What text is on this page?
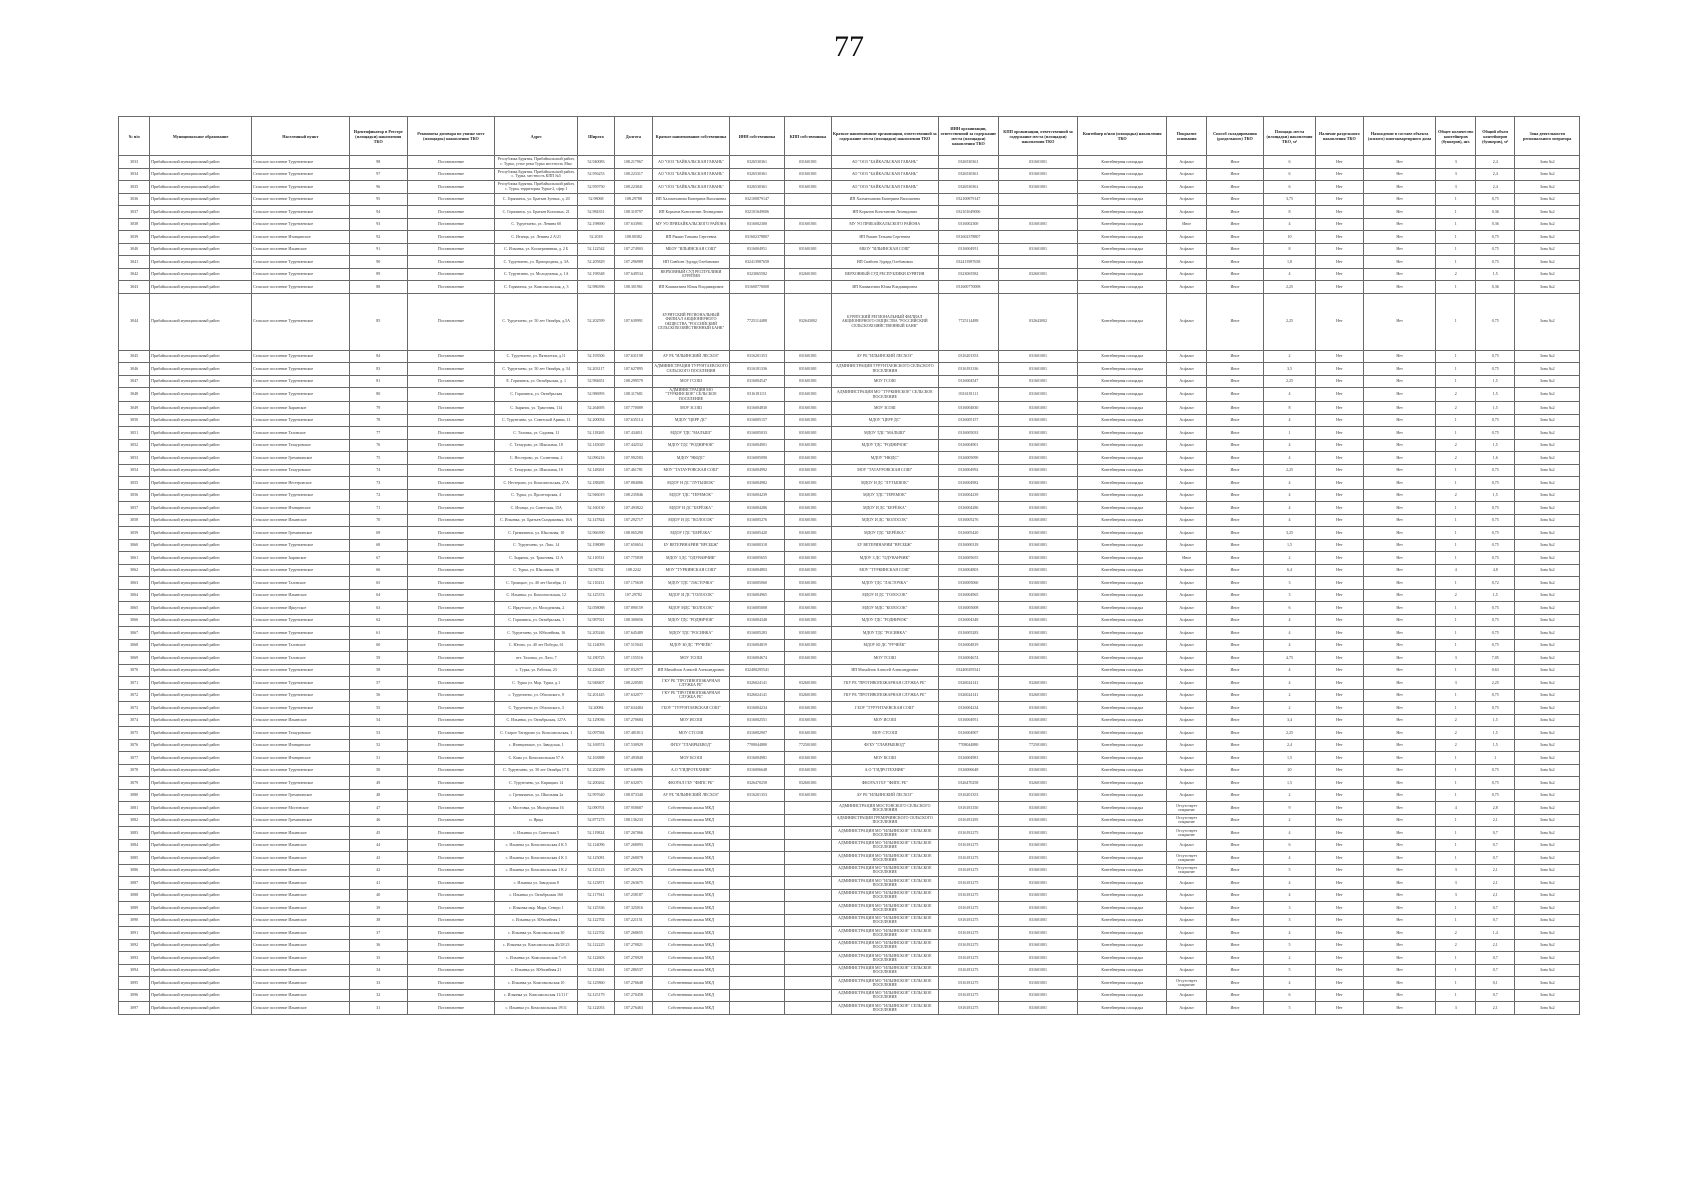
77
№ п/п	Муниципальное образование	Населенный пункт	Идентификатор в Реестре (площадки) накопления ТКО	Реквизиты договора по увязке мест (площадок) накопления ТКО	Адрес	Широта	Долгота	Краткое наименование собственника	ИНН собственника	КПП собственника	Краткое наименование организации, ответственной за содержание места (площадки) накопления ТКО	ИНН организации, ответственной за содержание места (площадки) накопления ТКО	КПП организации, ответственной за содержание места (площадки) накопления ТКО	Контейнер и/или (площадка) накопления ТКО	Покрытие основания	Способ складирования (раздельного) ТКО	Площадь места (площадки) накопления ТКО, м²	Наличие раздельного накопления ТКО	Нахождение в составе объекта (жилого) многоквартирного дома	Общее количество контейнеров (бункеров), шт.	Общий объем контейнеров (бункеров), м³	Зона деятельности регионального оператора
3033	Прибайкальский муниципальный район	Сельское поселение Турунтаевское	98	Постановление	Республика Бурятия, Прибайкальский район, с. Турка, устье реки Турка местность Мыс	52.940083	108.217967	АО "ООЗ "БАЙКАЛЬСКАЯ ГАВАНЬ"	0326530361	031601001	АО "ООЗ "БАЙКАЛЬСКАЯ ГАВАНЬ"	0326530361	031601001	Контейнерная площадка	Асфальт	Иное	6	Нет	Нет	3	2,4	Зона №2
3034	Прибайкальский муниципальный район	Сельское поселение Турунтаевское	97	Постановление	Республика Бурятия, Прибайкальский район, с. Турка, местность КПП №5	52.956253	108.223317	АО "ООЗ "БАЙКАЛЬСКАЯ ГАВАНЬ"	0326530361	031601001	АО "ООЗ "БАЙКАЛЬСКАЯ ГАВАНЬ"	0326530361	031601001	Контейнерная площадка	Асфальт	Иное	6	Нет	Нет	3	2,4	Зона №2
3035	Прибайкальский муниципальный район	Сельское поселение Турунтаевское	96	Постановление	Республика Бурятия, Прибайкальский район, с. Турка, территория Турка-2, сфер 1	52.959750	108.223841	АО "ООЗ "БАЙКАЛЬСКАЯ ГАВАНЬ"	0326530361	031601001	АО "ООЗ "БАЙКАЛЬСКАЯ ГАВАНЬ"	0326530361	031601001	Контейнерная площадка	Асфальт	Иное	6	Нет	Нет	3	2,4	Зона №2
3036	Прибайкальский муниципальный район	Сельское поселение Турунтаевское	95	Постановление	С. Горячинск, ул. Братьев Зуевых, д. 20	52.98068	108.29788	ИП Халматханова Екатерина Васильевна	032100879147		ИП Халматханова Екатерина Васильевна	032100879147		Контейнерная площадка	Асфальт	Иное	3,75	Нет	Нет	1	0,75	Зона №2
3037	Прибайкальский муниципальный район	Сельское поселение Турунтаевское	94	Постановление	С. Горячинск, ул. Братьев Козловых, 21	52.984351	108.310797	ИП Корытов Константин Леонидович	032101649006		ИП Корытов Константин Леонидович	032101649006		Контейнерная площадка	Асфальт	Иное	8	Нет	Нет	1	0,36	Зона №2
3038	Прибайкальский муниципальный район	Сельское поселение Турунтаевское	93	Постановление	С. Турунтаево, ул. Ленина 60	52.198690	107.633901	МУ УО ПРИБАЙКАЛЬСКОГО РАЙОНА	0316002300	031601001	МУ УО ПРИБАЙКАЛЬСКОГО РАЙОНА	0316002300	031601001	Контейнерная площадка	Иное	Иное	4	Нет	Нет	1	0,36	Зона №2
3039	Прибайкальский муниципальный район	Сельское поселение Итанцинское	92	Постановление	С. Итанца, ул. Ленина 2 А/21	52.2018	108.00382	ИП Рыкин Татьяна Сергеевна	031602378807		ИП Рыкин Татьяна Сергеевна	031602378807		Контейнерная площадка	Асфальт	Иное	10	Нет	Нет	1	0,75	Зона №2
3040	Прибайкальский муниципальный район	Сельское поселение Ильинское	91	Постановление	С. Ильинка, ул. Кооперативная, д. 2 Б	52.122542	107.274903	МБОУ "ИЛЬИНСКАЯ СОШ"	0316004951	031601001	МБОУ "ИЛЬИНСКАЯ СОШ"	0316004951	031601001	Контейнерная площадка	Асфальт	Иное	8	Нет	Нет	1	0,75	Зона №2
3041	Прибайкальский муниципальный район	Сельское поселение Турунтаевское	90	Постановление	С. Турунтаево, ул. Пригородная, д. 3А	52.205829	107.296989	ИП Сивбоев Эдуард Олебавович	032413987658		ИП Сивбоев Эдуард Олебавович	032413987658		Контейнерная площадка	Асфальт	Иное	1,8	Нет	Нет	1	0,75	Зона №2
3042	Прибайкальский муниципальный район	Сельское поселение Турунтаевское	89	Постановление	С. Турунтаево, ул. Молодежная, д. 1А	52.198348	107.649534	ВЕРХОВНЫЙ СУД РЕСПУБЛИКИ БУРЯТИЯ	0323065582	032601001	ВЕРХОВНЫЙ СУД РЕСПУБЛИКИ БУРЯТИЯ	0323065582	032601001	Контейнерная площадка	Асфальт	Иное	4	Нет	Нет	2	1,5	Зона №2
3043	Прибайкальский муниципальный район	Сельское поселение Турунтаевское	88	Постановление	С. Горячинск, ул. Комсомольская, д. 3	52.986396	108.301961	ИП Кашвахтина Юлия Владимировна	031600770008		ИП Кашвахтина Юлия Владимировна	031600770008		Контейнерная площадка	Асфальт	Иное	2,25	Нет	Нет	1	0,36	Зона №2
3044	Прибайкальский муниципальный район	Сельское поселение Турунтаевское	85	Постановление	С. Турунтаево, ул. 50 лет Октября, д.5А	52.202599	107.639991	БУРЯТСКИЙ РЕГИОНАЛЬНЫЙ ФИЛИАЛ АКЦИОНЕРНОГО ОБЩЕСТВА "РОССИЙСКИЙ СЕЛЬСКОХОЗЯЙСТВЕННЫЙ БАНК"	7725114488	032643002	БУРЯТСКИЙ РЕГИОНАЛЬНЫЙ ФИЛИАЛ АКЦИОНЕРНОГО ОБЩЕСТВА "РОССИЙСКИЙ СЕЛЬСКОХОЗЯЙСТВЕННЫЙ БАНК"	7725114488	032643002	Контейнерная площадка	Асфальт	Иное	2,25	Нет	Нет	1	0,75	Зона №2
3045	Прибайкальский муниципальный район	Сельское поселение Турунтаевское	84	Постановление	С. Турунтаево, ул. Пятилетки, д.11	52.193506	107.631198	АУ РБ "ИЛЬИНСКИЙ ЛЕСХОЗ"	0316201353	031601001	АУ РБ "ИЛЬИНСКИЙ ЛЕСХОЗ"	0316201353	031601001	Контейнерная площадка	Асфальт	Иное	2	Нет	Нет	1	0,75	Зона №2
3046	Прибайкальский муниципальный район	Сельское поселение Турунтаевское	83	Постановление	С. Турунтаево, ул. 50 лет Октября, д. 54	52.203117	107.627895	АДМИНИСТРАЦИЯ ТУРУНТАЕВСКОГО СЕЛЬСКОГО ПОСЕЛЕНИЯ	0316181336	031601001	АДМИНИСТРАЦИЯ ТУРУНТАЕВСКОГО СЕЛЬСКОГО ПОСЕЛЕНИЯ	0316181336	031601001	Контейнерная площадка	Асфальт	Иное	3,5	Нет	Нет	1	0,75	Зона №2
3047	Прибайкальский муниципальный район	Сельское поселение Турунтаевское	81	Постановление	Е. Горячинск, ул. Октябрьская, д. 1	52.984651	108.299579	МОУ ГСОШ	0316004547	031601001	МОУ ГСОШ	0316004547	031601001	Контейнерная площадка	Асфальт	Иное	2,25	Нет	Нет	1	1,5	Зона №2
3048	Прибайкальский муниципальный район	Сельское поселение Турунтаевское	80	Постановление	С. Горячинск, ул. Октябрьская	52.986993	108.317681	АДМИНИСТРАЦИЯ МО "ТУРКИНСКОЕ" СЕЛЬСКОЕ ПОСЕЛЕНИЕ	0316181111	031601001	АДМИНИСТРАЦИЯ МО "ТУРКИНСКОЕ" СЕЛЬСКОЕ ПОСЕЛЕНИЕ	0316181111	031601001	Контейнерная площадка	Асфальт	Иное	4	Нет	Нет	2	1,5	Зона №2
3049	Прибайкальский муниципальный район	Сельское поселение Зырянское	79	Постановление	С. Зырянск, ул. Трактовая, 114	52.264695	107.770089	МОУ ЗСОШ	0316004830	031601001	МОУ ЗСОШ	0316004830	031601001	Контейнерная площадка	Асфальт	Иное	8	Нет	Нет	2	1,5	Зона №2
3050	Прибайкальский муниципальный район	Сельское поселение Турунтаевское	78	Постановление	С. Турунтаево, ул. Советской Армии, 11	52.200054	107.635114	МДОУ "ЦЕРР ДС"	0316005157	031601001	МДОУ "ЦЕРР ДС"	0316005157	031601001	Контейнерная площадка	Асфальт	Иное	4	Нет	Нет	1	0,75	Зона №2
3051	Прибайкальский муниципальный район	Сельское поселение Таловское	77	Постановление	С. Таловка, ул. Садовая, 11	52.118265	107.434011	МДОУ ТДС "МАЛЫШ"	0316005033	031601001	МДОУ ТДС "МАЛЫШ"	0316005033	031601001	Контейнерная площадка	Асфальт	Иное	1	Нет	Нет	1	0,75	Зона №2
3052	Прибайкальский муниципальный район	Сельское поселение Татауровское	76	Постановление	С. Татаурово, ул. Школьная, 18	52.145029	107.442532	МДОУ ТДС "РОДНИЧОК"	0316004901	031601001	МДОУ ТДС "РОДНИЧОК"	0316004901	031601001	Контейнерная площадка	Асфальт	Иное	4	Нет	Нет	2	1,5	Зона №2
3053	Прибайкальский муниципальный район	Сельское поселение Гремячинское	75	Постановление	С. Нестерово, ул. Солнечная, 2	52.096216	107.992583	МДОУ "НЮДС"	0316005090	031601001	МДОУ "НЮДС"	0316005090	031601001	Контейнерная площадка	Асфальт	Иное	4	Нет	Нет	2	1,6	Зона №2
3054	Прибайкальский муниципальный район	Сельское поселение Татауровское	74	Постановление	С. Татаурово, ул. Школьная, 10	52.148261	107.461781	МОУ "ТАТАУРОВСКАЯ СОШ"	0316004992	031601001	МОУ "ТАТАУРОВСКАЯ СОШ"	0316004992	031601001	Контейнерная площадка	Асфальт	Иное	2,25	Нет	Нет	1	0,75	Зона №2
3055	Прибайкальский муниципальный район	Сельское поселение Нестеровское	73	Постановление	С. Нестерово, ул. Комсомольская, 27А	52.188285	107.884086	МДОУ Н ДС "ЛУТЫШОК"	0316004982	031601001	МДОУ Н ДС "ЛУТЫШОК"	0316004982	031601001	Контейнерная площадка	Асфальт	Иное	4	Нет	Нет	1	0,75	Зона №2
3056	Прибайкальский муниципальный район	Сельское поселение Турунтаевское	72	Постановление	С. Турка, ул. Пролетарская, 4	52.946019	108.235846	МДОУ ТДС "ТЕРЕМОК"	0316004239	031601001	МДОУ ТДС "ТЕРЕМОК"	0316004239	031601001	Контейнерная площадка	Асфальт	Иное	4	Нет	Нет	2	1,5	Зона №2
3057	Прибайкальский муниципальный район	Сельское поселение Итанцинское	71	Постановление	С. Итанца, ул. Советская, 15А	52.160130	107.493822	МДОУ И ДС "БЕРЁЗКА"	0316004286	031601001	МДОУ И ДС "БЕРЁЗКА"	0316004286	031601001	Контейнерная площадка	Асфальт	Иное	4	Нет	Нет	1	0,75	Зона №2
3058	Прибайкальский муниципальный район	Сельское поселение Ильинское	70	Постановление	С. Ильинка, ул. Братьев Сыздыковых, 16А	52.147824	107.292717	МДОУ И ДС "КОЛОСОК"	0316005276	031601001	МДОУ И ДС "КОЛОСОК"	0316005276	031601001	Контейнерная площадка	Асфальт	Иное	4	Нет	Нет	1	0,75	Зона №2
3059	Прибайкальский муниципальный район	Сельское поселение Гремячинское	69	Постановление	С. Гремячинск, ул. Школьная, 10	52.966390	108.065290	МДОУ ГДС "БЕРЁЗКА"	0316005420	031601001	МДОУ ГДС "БЕРЁЗКА"	0316005420	031601001	Контейнерная площадка	Асфальт	Иное	3,25	Нет	Нет	1	0,75	Зона №2
3060	Прибайкальский муниципальный район	Сельское поселение Турунтаевское	68	Постановление	С. Турунтаево, ул. Лазо, 14	52.198089	107.650654	БУ ВЕТЕРИНАРИИ "ВРСББЖ"	0316000318	031601001	БУ ВЕТЕРИНАРИИ "ВРСББЖ"	0316000318	031601001	Контейнерная площадка	Асфальт	Иное	1,5	Нет	Нет	1	0,75	Зона №2
3061	Прибайкальский муниципальный район	Сельское поселение Зырянское	67	Постановление	С. Зырянск, ул. Трактовая, 12 А	52.110531	107.775839	МДОУ З ДС "ОДУВАНЧИК"	0316005655	031601001	МДОУ З ДС "ОДУВАНЧИК"	0316005655	031601001	Контейнерная площадка	Иное	Иное	2	Нет	Нет	1	0,75	Зона №2
3062	Прибайкальский муниципальный район	Сельское поселение Турунтаевское	66	Постановление	С. Турка, ул. Школьная, 18	52.94762	108.2242	МОУ "ТУРКИНСКАЯ СОШ"	0316004803	031601001	МОУ "ТУРКИНСКАЯ СОШ"	0316004803	031601001	Контейнерная площадка	Асфальт	Иное	6,4	Нет	Нет	4	4,8	Зона №2
3063	Прибайкальский муниципальный район	Сельское поселение Таловское	65	Постановление	С. Троицкое, ул. 40 лет Октября, 11	52.110231	107.175639	МДОУ ТДС "ЛАСТОЧКА"	0316005060	031601001	МДОУ ТДС "ЛАСТОЧКА"	0316005060	031601001	Контейнерная площадка	Асфальт	Иное	3	Нет	Нет	1	0,72	Зона №2
3064	Прибайкальский муниципальный район	Сельское поселение Ильинское	64	Постановление	С. Ильинка, ул. Комсомольская, 12	52.125374	107.29782	МДОУ И ДС "ГОЛОСОК"	0316004965	031601001	МДОУ И ДС "ГОЛОСОК"	0316004965	031601001	Контейнерная площадка	Асфальт	Иное	3	Нет	Нет	2	1,5	Зона №2
3065	Прибайкальский муниципальный район	Сельское поселение Иркутское	63	Постановление	С. Иркутское, ул. Молодежная, 2	52.058088	107.890159	МДОУ МДС "КОЛОСОК"	0316005008	031601001	МДОУ МДС "КОЛОСОК"	0316005008	031601001	Контейнерная площадка	Асфальт	Иное	6	Нет	Нет	1	0,75	Зона №2
3066	Прибайкальский муниципальный район	Сельское поселение Турунтаевское	62	Постановление	С. Горячинск, ул. Октябрьская, 1	52.987921	108.300656	МДОУ ГДС "РОДНИЧОК"	0316004348	031601001	МДОУ ГДС "РОДНИЧОК"	0316004348	031601001	Контейнерная площадка	Асфальт	Иное	4	Нет	Нет	1	0,75	Зона №2
3067	Прибайкальский муниципальный район	Сельское поселение Турунтаевское	61	Постановление	С. Турунтаево, ул. Юбилейная, 16	52.205246	107.645489	МДОУ ТДС "РОСИНКА"	0316005283	031601001	МДОУ ТДС "РОСИНКА"	0316005283	031601001	Контейнерная площадка	Асфальт	Иное	4	Нет	Нет	1	0,75	Зона №2
3068	Прибайкальский муниципальный район	Сельское поселение Таловское	60	Постановление	С. Югово, ул. 40 лет Победы, 61	52.124093	107.515043	МДОУ Ю ДС "РУЧЕЁК"	0316004819	031601001	МДОУ Ю ДС "РУЧЕЁК"	0316004819	031601001	Контейнерная площадка	Асфальт	Иное	4	Нет	Нет	1	0,75	Зона №2
3069	Прибайкальский муниципальный район	Сельское поселение Таловское	59	Постановление	пгт. Таловка, ул. Лазо, 7	52.180725	107.155516	МОУ ТСОШ	0316004674	031601001	МОУ ТСОШ	0316004674	031601001	Контейнерная площадка	Асфальт	Иное	4,75	Нет	Нет	3	7,05	Зона №2
3070	Прибайкальский муниципальный район	Сельское поселение Турунтаевское	58	Постановление	с. Турка, ул. Рабочая, 23	52.226445	107.832977	ИП Михайлов Алексей Александрович	032400295541		ИП Михайлов Алексей Александрович	032400295541		Контейнерная площадка	Асфальт	Иное	4	Нет	Нет	1	0,63	Зона №2
3071	Прибайкальский муниципальный район	Сельское поселение Турунтаевское	57	Постановление	С. Турка ул. Мор. Турка, д.1	52.948407	108.220585	ГКУ РБ "ПРОТИВОПОЖАРНАЯ СЛУЖБА РБ"	0326024141	032601001	ГКУ РБ "ПРОТИВОПОЖАРНАЯ СЛУЖБА РБ"	0326024141	032601001	Контейнерная площадка	Асфальт	Иное	4	Нет	Нет	3	2,25	Зона №2
3072	Прибайкальский муниципальный район	Сельское поселение Турунтаевское	56	Постановление	с. Турунтаево, ул. Обломского, 8	52.201445	107.632077	ГКУ РБ "ПРОТИВОПОЖАРНАЯ СЛУЖБА РБ"	0326024141	032601001	ГКУ РБ "ПРОТИВОПОЖАРНАЯ СЛУЖБА РБ"	0326024141	032601001	Контейнерная площадка	Асфальт	Иное	2	Нет	Нет	1	0,75	Зона №2
3073	Прибайкальский муниципальный район	Сельское поселение Турунтаевское	55	Постановление	С. Турунтаево ул. Обломского, 3	52.20084	107.634484	ГБОУ "ТУРУНТАЕВСКАЯ СОШ"	0316004234	031601001	ГБОУ "ТУРУНТАЕВСКАЯ СОШ"	0316004234	031601001	Контейнерная площадка	Асфальт	Иное	2	Нет	Нет	1	0,75	Зона №2
3074	Прибайкальский муниципальный район	Сельское поселение Ильинское	54	Постановление	С. Ильинка, ул. Октябрьская, 127А	52.129036	107.270684	МОУ ИСОШ	0316002551	031601001	МОУ ИСОШ	0316004951	031601001	Контейнерная площадка	Асфальт	Иное	3,4	Нет	Нет	2	1,5	Зона №2
3075	Прибайкальский муниципальный район	Сельское поселение Татауровское	53	Постановление	С. Старое Татаурово ул. Комсомольская, 1	52.097584	107.481813	МОУ СТСОШ	0316002907	031601001	МОУ СТСОШ	0316004907	031601001	Контейнерная площадка	Асфальт	Иное	2,25	Нет	Нет	2	1,5	Зона №2
3076	Прибайкальский муниципальный район	Сельское поселение Итанцинское	52	Постановление	с. Итанцинское, ул. Заводская, 1	52.169574	107.530929	ФГБУ "ГЛАВРЫБВОД"	7708044880	772501001	ФГБУ "ГЛАВРЫБВОД"	7708044880	772501001	Контейнерная площадка	Асфальт	Иное	2,4	Нет	Нет	2	1,5	Зона №2
3077	Прибайкальский муниципальный район	Сельское поселение Итанцинское	51	Постановление	С. Кома ул. Комсомольская 57 А	52.163888	107.493840	МОУ КСОШ	0316004981	031601001	МОУ КСОШ	0316004981	031601001	Контейнерная площадка	Асфальт	Иное	1,5	Нет	Нет	1	1	Зона №2
3078	Прибайкальский муниципальный район	Сельское поселение Турунтаевское	50	Постановление	С. Турунтаево, ул. 50 лет Октября 17 Б	52.202299	107.646986	А.О "ГИДРОТЕХНИК"	0316006648	031601001	А.О "ГИДРОТЕХНИК"	0316006648	031601001	Контейнерная площадка	Асфальт	Иное	20	Нет	Нет	1	0,75	Зона №2
3079	Прибайкальский муниципальный район	Сельское поселение Турунтаевское	49	Постановление	С. Турунтаево, ул. Кирицких 14	52.200262	107.632071	ФКОУАЛ ГБУ "ФИПС РБ"	0326470258	032601001	ФКОУАЛ ГБУ "ФИПС РБ"	0326470258	032601001	Контейнерная площадка	Асфальт	Иное	1,5	Нет	Нет	1	0,75	Зона №2
3080	Прибайкальский муниципальный район	Сельское поселение Гремячинское	48	Постановление	с. Гремячинск, ул. Школьная 2а	52.997640	108.073340	АУ РБ "ИЛЬИНСКИЙ ЛЕСХОЗ"	0316201353	031601001	АУ РБ "ИЛЬИНСКИЙ ЛЕСХОЗ"	0316201353	031601001	Контейнерная площадка	Асфальт	Иное	2	Нет	Нет	1	0,75	Зона №2
3081	Прибайкальский муниципальный район	Сельское поселение Мостовское	47	Постановление	с. Мостовка, ул. Молодёжная 16	52.090701	107.950687	Собственники жилья МКД			АДМИНИСТРАЦИЯ МОСТОВСКОГО СЕЛЬСКОГО ПОСЕЛЕНИЯ	0316181350	031601001	Контейнерная площадка	Отсутствует покрытие	Иное	9	Нет	Нет	4	2,8	Зона №2
3082	Прибайкальский муниципальный район	Сельское поселение Гремячинское	46	Постановление	п. Ярцы	52.877273	108.136233	Собственники жилья МКД			АДМИНИСТРАЦИЯ ГРЕМЯЧИНСКОГО СЕЛЬСКОГО ПОСЕЛЕНИЯ	0316181295	031601001	Контейнерная площадка	Отсутствует покрытие	Иное	2	Нет	Нет	1	2,1	Зона №2
3083	Прибайкальский муниципальный район	Сельское поселение Ильинское	45	Постановление	с. Ильинка ул. Советская 5	52.119824	107.267066	Собственники жилья МКД			АДМИНИСТРАЦИЯ МО "ИЛЬИНСКОЕ" СЕЛЬСКОЕ ПОСЕЛЕНИЕ	0316181275	031601001	Контейнерная площадка	Отсутствует покрытие	Иное	4	Нет	Нет	1	0,7	Зона №2
3084	Прибайкальский муниципальный район	Сельское поселение Ильинское	44	Постановление	с. Ильинка ул. Комсомольская 4 К 5	52.124096	107.268093	Собственники жилья МКД			АДМИНИСТРАЦИЯ МО "ИЛЬИНСКОЕ" СЕЛЬСКОЕ ПОСЕЛЕНИЕ	0316181275	031601001	Контейнерная площадка	Асфальт	Иное	6	Нет	Нет	1	0,7	Зона №2
3085	Прибайкальский муниципальный район	Сельское поселение Ильинское	43	Постановление	с. Ильинка ул. Комсомольская 4 К 3	52.125081	107.268078	Собственники жилья МКД			АДМИНИСТРАЦИЯ МО "ИЛЬИНСКОЕ" СЕЛЬСКОЕ ПОСЕЛЕНИЕ	0316181275	031601001	Контейнерная площадка	Отсутствует покрытие	Иное	4	Нет	Нет	1	0,7	Зона №2
3086	Прибайкальский муниципальный район	Сельское поселение Ильинское	42	Постановление	с. Ильинка ул. Комсомольская 1 К 2	52.125123	107.265276	Собственники жилья МКД			АДМИНИСТРАЦИЯ МО "ИЛЬИНСКОЕ" СЕЛЬСКОЕ ПОСЕЛЕНИЕ	0316181275	031601001	Контейнерная площадка	Отсутствует покрытие	Иное	5	Нет	Нет	3	2,1	Зона №2
3087	Прибайкальский муниципальный район	Сельское поселение Ильинское	41	Постановление	с. Ильинка ул. Заводская 8	52.123871	107.263675	Собственники жилья МКД			АДМИНИСТРАЦИЯ МО "ИЛЬИНСКОЕ" СЕЛЬСКОЕ ПОСЕЛЕНИЕ	0316181275	031601001	Контейнерная площадка	Асфальт	Иное	4	Нет	Нет	3	2,1	Зона №2
3088	Прибайкальский муниципальный район	Сельское поселение Ильинское	40	Постановление	с. Ильинка ул. Октябрьская 16б	52.117941	107.258187	Собственники жилья МКД			АДМИНИСТРАЦИЯ МО "ИЛЬИНСКОЕ" СЕЛЬСКОЕ ПОСЕЛЕНИЕ	0316181275	031601001	Контейнерная площадка	Асфальт	Иное	4	Нет	Нет	3	2,1	Зона №2
3089	Прибайкальский муниципальный район	Сельское поселение Ильинское	39	Постановление	с. Ильинка мкр. Мира, Северо 1	52.125336	107.325016	Собственники жилья МКД			АДМИНИСТРАЦИЯ МО "ИЛЬИНСКОЕ" СЕЛЬСКОЕ ПОСЕЛЕНИЕ	0316181275	031601001	Контейнерная площадка	Асфальт	Иное	3	Нет	Нет	1	0,7	Зона №2
3090	Прибайкальский муниципальный район	Сельское поселение Ильинское	38	Постановление	с. Ильинка ул. Юбилейная 1	52.122702	107.221151	Собственники жилья МКД			АДМИНИСТРАЦИЯ МО "ИЛЬИНСКОЕ" СЕЛЬСКОЕ ПОСЕЛЕНИЕ	0316181275	031601001	Контейнерная площадка	Асфальт	Иное	3	Нет	Нет	1	0,7	Зона №2
3091	Прибайкальский муниципальный район	Сельское поселение Ильинское	37	Постановление	с. Ильинка ул. Комсомольская 30	52.122702	107.268655	Собственники жилья МКД			АДМИНИСТРАЦИЯ МО "ИЛЬИНСКОЕ" СЕЛЬСКОЕ ПОСЕЛЕНИЕ	0316181275	031601001	Контейнерная площадка	Асфальт	Иное	4	Нет	Нет	2	1,4	Зона №2
3092	Прибайкальский муниципальный район	Сельское поселение Ильинское	36	Постановление	с. Ильинка ул. Комсомольская 26/28 23	52.122225	107.270821	Собственники жилья МКД			АДМИНИСТРАЦИЯ МО "ИЛЬИНСКОЕ" СЕЛЬСКОЕ ПОСЕЛЕНИЕ	0316181275	031601001	Контейнерная площадка	Асфальт	Иное	5	Нет	Нет	2	2,1	Зона №2
3093	Прибайкальский муниципальный район	Сельское поселение Ильинское	35	Постановление	с. Ильинка ул. Комсомольская 7 г/б	52.122603	107.270929	Собственники жилья МКД			АДМИНИСТРАЦИЯ МО "ИЛЬИНСКОЕ" СЕЛЬСКОЕ ПОСЕЛЕНИЕ	0316181275	031601001	Контейнерная площадка	Асфальт	Иное	2	Нет	Нет	1	0,7	Зона №2
3094	Прибайкальский муниципальный район	Сельское поселение Ильинское	34	Постановление	с. Ильинка ул. Юбилейная 21	52.123461	107.286537	Собственники жилья МКД			АДМИНИСТРАЦИЯ МО "ИЛЬИНСКОЕ" СЕЛЬСКОЕ ПОСЕЛЕНИЕ	0316181275	031601001	Контейнерная площадка	Асфальт	Иное	5	Нет	Нет	1	0,7	Зона №2
3095	Прибайкальский муниципальный район	Сельское поселение Ильинское	33	Постановление	с. Ильинка ул. Комсомольская 10	52.125860	107.276648	Собственники жилья МКД			АДМИНИСТРАЦИЯ МО "ИЛЬИНСКОЕ" СЕЛЬСКОЕ ПОСЕЛЕНИЕ	0316181275	031601001	Контейнерная площадка	Отсутствует покрытие	Иное	4	Нет	Нет	1	0,1	Зона №2
3096	Прибайкальский муниципальный район	Сельское поселение Ильинское	32	Постановление	с. Ильинка ул. Комсомольская 11/11 Г	52.125179	107.270458	Собственники жилья МКД			АДМИНИСТРАЦИЯ МО "ИЛЬИНСКОЕ" СЕЛЬСКОЕ ПОСЕЛЕНИЕ	0316181275	031601001	Контейнерная площадка	Асфальт	Иное	6	Нет	Нет	1	0,7	Зона №2
3097	Прибайкальский муниципальный район	Сельское поселение Ильинское	31	Постановление	с. Ильинка ул. Комсомольская 19/11	52.122053	107.276463	Собственники жилья МКД			АДМИНИСТРАЦИЯ МО "ИЛЬИНСКОЕ" СЕЛЬСКОЕ ПОСЕЛЕНИЕ	0316181275	031601001	Контейнерная площадка	Асфальт	Иное	5	Нет	Нет	3	2,1	Зона №2
